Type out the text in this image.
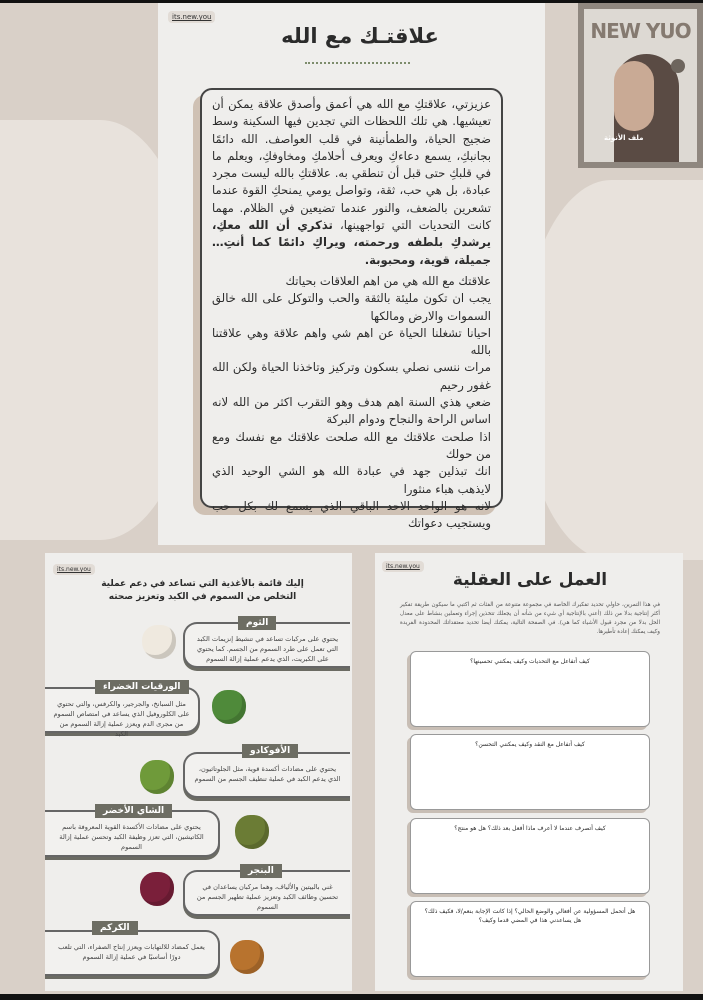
its.new.you
علاقتـك مع الله

عزيزتي، علاقتكِ مع الله هي أعمق وأصدق علاقة يمكن أن تعيشيها. هي تلك اللحظات التي تجدين فيها السكينة وسط ضجيج الحياة، والطمأنينة في قلب العواصف. الله دائمًا بجانبكِ، يسمع دعاءكِ ويعرف أحلامكِ ومخاوفكِ، ويعلم ما في قلبكِ حتى قبل أن تنطقي به. علاقتكِ بالله ليست مجرد عبادة، بل هي حب، ثقة، وتواصل يومي يمنحكِ القوة عندما تشعرين بالضعف، والنور عندما تضيعين في الظلام. مهما كانت التحديات التي تواجهينها، تذكري أن الله معكِ، يرشدكِ بلطفه ورحمته، ويراكِ دائمًا كما أنتِ… جميلة، قوية، ومحبوبة.

علاقتك مع الله هي من اهم العلاقات بحياتك
يجب ان تكون مليئة بالثقة والحب والتوكل على الله خالق السموات والارض ومالكها
احيانا تشغلنا الحياة عن اهم شي واهم علاقة وهي علاقتنا بالله
مرات ننسى نصلي بسكون وتركيز وتاخذنا الحياة ولكن الله غفور رحيم
ضعي هذي السنة اهم هدف وهو التقرب اكثر من الله لانه اساس الراحة والنجاح ودوام البركة
اذا صلحت علاقتك مع الله صلحت علاقتك مع نفسك ومع من حولك
انك تبذلين جهد في عبادة الله هو الشي الوحيد الذي لايذهب هباء منثورا
لانه هو الواحد الاحد الباقي الذي يسمع لك بكل حب ويستجيب دعواتك
NEW YUO
ملف الأنوثة
its.new.you
إليك قائمة بالأغذية التي تساعد في دعم عملية التخلص من السموم في الكبد وتعزيز صحته
يحتوي على مركبات تساعد في تنشيط إنزيمات الكبد التي تعمل على طرد السموم من الجسم. كما يحتوي على الكبريت، الذي يدعم عملية إزالة السموم
الثوم
مثل السبانخ، والجرجير، والكرفس، والتي تحتوي على الكلوروفيل الذي يساعد في امتصاص السموم من مجرى الدم ويعزز عملية إزالة السموم من الكبد
الورقيات الخضراء
يحتوي على مضادات أكسدة قوية، مثل الجلوتاثيون، الذي يدعم الكبد في عملية تنظيف الجسم من السموم
الأفوكادو
يحتوي على مضادات الأكسدة القوية المعروفة باسم الكاتيشين، التي تعزز وظيفة الكبد وتحسن عملية إزالة السموم
الشاي الأخضر
غني بالبيتين والألياف، وهما مركبان يساعدان في تحسين وظائف الكبد وتعزيز عملية تطهير الجسم من السموم
البنجر
يعمل كمضاد للالتهابات ويعزز إنتاج الصفراء، التي تلعب دورًا أساسيًا في عملية إزالة السموم
الكركم
its.new.you
العمل على العقلية
في هذا التمرين، حاولي تحديد تفكيرك الخاصة في مجموعة متنوعة من الفئات ثم اكتبي ما سيكون طريقة تفكير أكثر إنتاجية بدلا من ذلك (أعني بالإنتاجية أي شيء من شأنه أن يجعلك تتخذين إجراء وتعملين بنشاط على معدل الحل بدلا من مجرد قبول الأشياء كما هي). في الصفحة التالية، يمكنك أيضا تحديد معتقداتك المحدودة الفريدة وكيف يمكنك إعادة تأطيرها.
كيف أتفاعل مع التحديات وكيف يمكنني تحسينها؟
كيف أتفاعل مع النقد وكيف يمكنني التحسن؟
كيف أتصرف عندما لا أعرف ماذا أفعل بعد ذلك؟ هل هو منتج؟
هل أتحمل المسؤولية عن أفعالي والوضع الحالي؟ إذا كانت الإجابة بنعم/لا، فكيف ذلك؟ هل يساعدني هذا في المضي قدما وكيف؟
